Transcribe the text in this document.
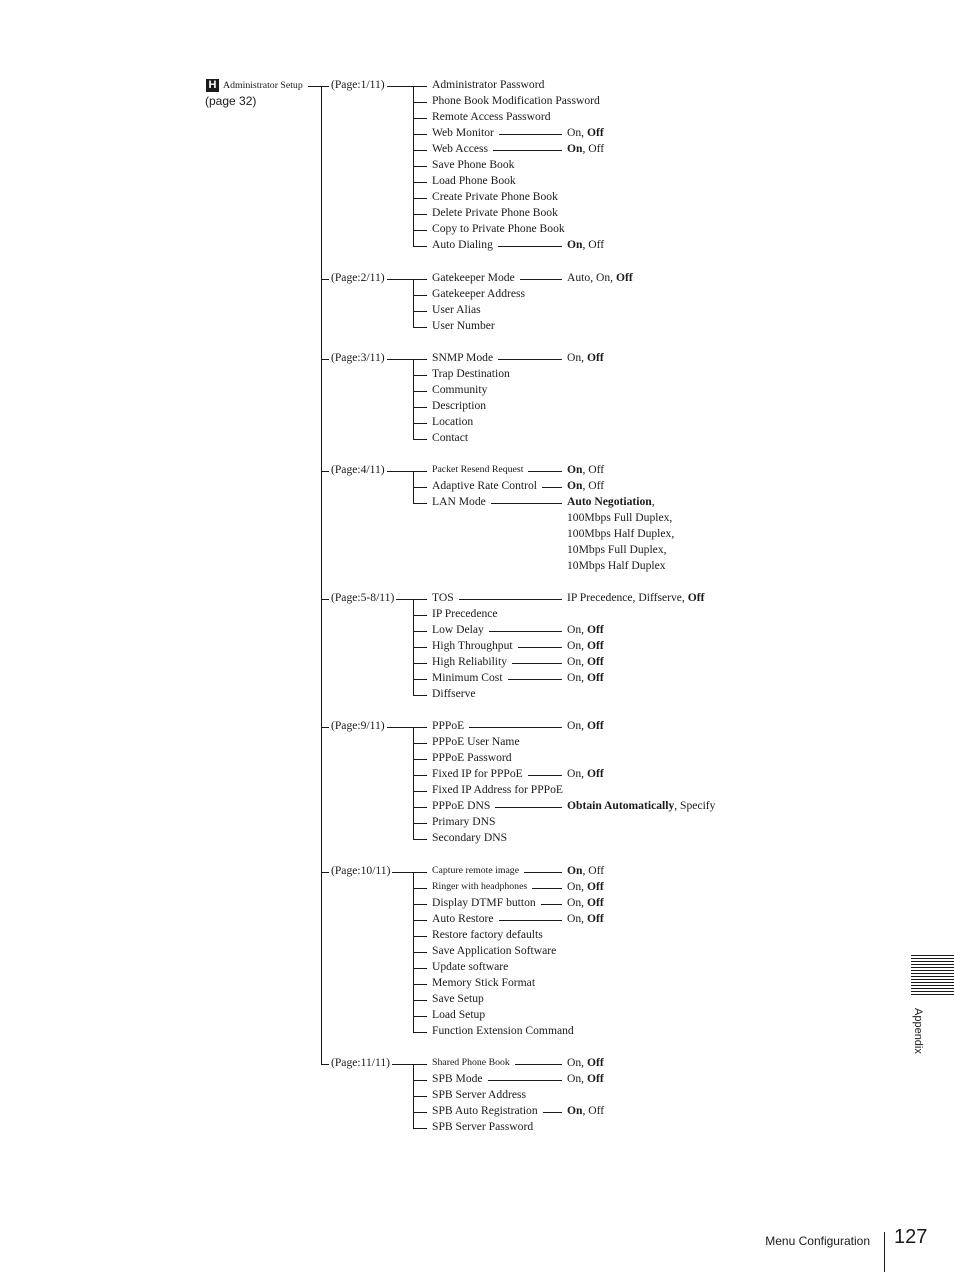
H Administrator Setup
(page 32)
(Page:1/11)	Administrator Password
Phone Book Modification Password
Remote Access Password
Web Monitor	On, Off
Web Access	On, Off
Save Phone Book
Load Phone Book
Create Private Phone Book
Delete Private Phone Book
Copy to Private Phone Book
Auto Dialing	On, Off
(Page:2/11)	Gatekeeper Mode	Auto, On, Off
Gatekeeper Address
User Alias
User Number
(Page:3/11)	SNMP Mode	On, Off
Trap Destination
Community
Description
Location
Contact
(Page:4/11)	Packet Resend Request	On, Off
Adaptive Rate Control	On, Off
LAN Mode	Auto Negotiation,
100Mbps Full Duplex,
100Mbps Half Duplex,
10Mbps Full Duplex,
10Mbps Half Duplex
(Page:5-8/11)	TOS	IP Precedence, Diffserve, Off
IP Precedence
Low Delay	On, Off
High Throughput	On, Off
High Reliability	On, Off
Minimum Cost	On, Off
Diffserve
(Page:9/11)	PPPoE	On, Off
PPPoE User Name
PPPoE Password
Fixed IP for PPPoE	On, Off
Fixed IP Address for PPPoE
PPPoE DNS	Obtain Automatically, Specify
Primary DNS
Secondary DNS
(Page:10/11)	Capture remote image	On, Off
Ringer with headphones	On, Off
Display DTMF button	On, Off
Auto Restore	On, Off
Restore factory defaults
Save Application Software
Update software
Memory Stick Format
Save Setup
Load Setup
Function Extension Command
(Page:11/11)	Shared Phone Book	On, Off
SPB Mode	On, Off
SPB Server Address
SPB Auto Registration	On, Off
SPB Server Password
Appendix
Menu Configuration 127
